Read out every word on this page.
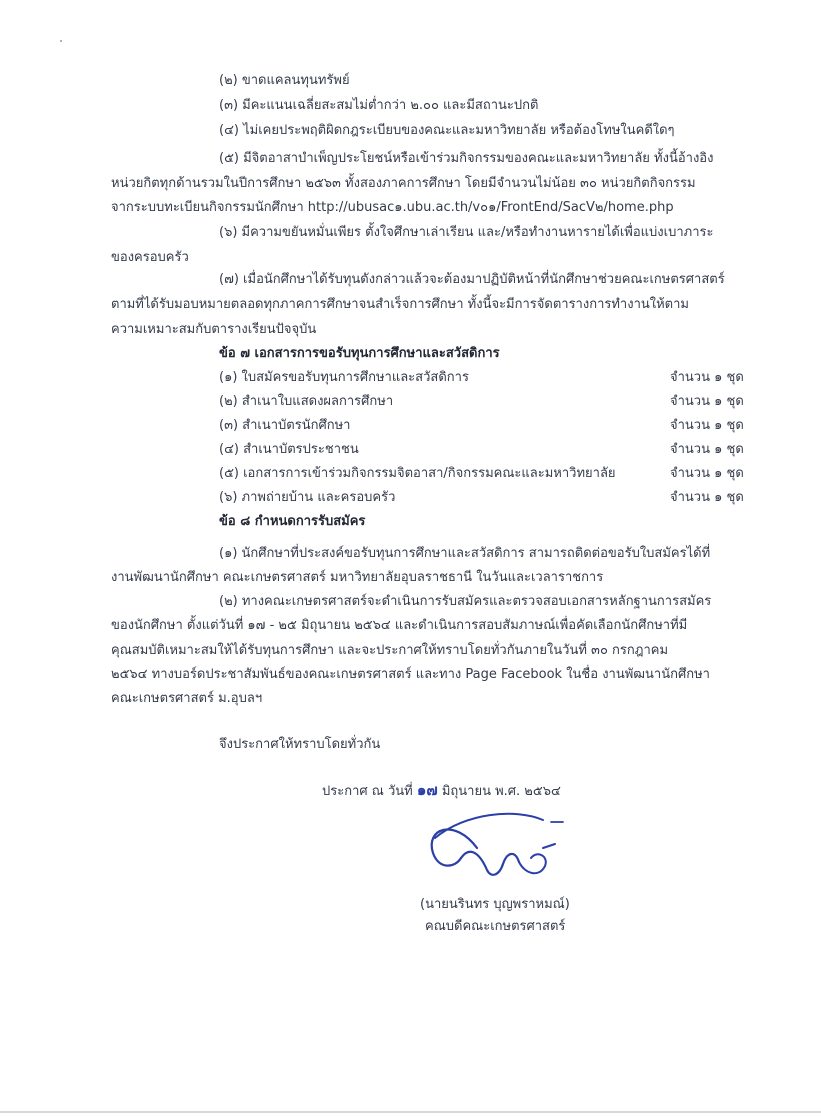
(๒) ขาดแคลนทุนทรัพย์
(๓) มีคะแนนเฉลี่ยสะสมไม่ต่ำกว่า ๒.๐๐ และมีสถานะปกติ
(๔) ไม่เคยประพฤติผิดกฎระเบียบของคณะและมหาวิทยาลัย หรือต้องโทษในคดีใดๆ
(๕) มีจิตอาสาบำเพ็ญประโยชน์หรือเข้าร่วมกิจกรรมของคณะและมหาวิทยาลัย ทั้งนี้อ้างอิง
หน่วยกิตทุกด้านรวมในปีการศึกษา ๒๕๖๓ ทั้งสองภาคการศึกษา โดยมีจำนวนไม่น้อย ๓๐ หน่วยกิตกิจกรรม
จากระบบทะเบียนกิจกรรมนักศึกษา http://ubusac๑.ubu.ac.th/v๐๑/FrontEnd/SacV๒/home.php
(๖) มีความขยันหมั่นเพียร ตั้งใจศึกษาเล่าเรียน และ/หรือทำงานหารายได้เพื่อแบ่งเบาภาระ
ของครอบครัว
(๗) เมื่อนักศึกษาได้รับทุนดังกล่าวแล้วจะต้องมาปฏิบัติหน้าที่นักศึกษาช่วยคณะเกษตรศาสตร์
ตามที่ได้รับมอบหมายตลอดทุกภาคการศึกษาจนสำเร็จการศึกษา ทั้งนี้จะมีการจัดตารางการทำงานให้ตาม
ความเหมาะสมกับตารางเรียนปัจจุบัน
ข้อ ๗ เอกสารการขอรับทุนการศึกษาและสวัสดิการ
(๑) ใบสมัครขอรับทุนการศึกษาและสวัสดิการ	จำนวน ๑ ชุด
(๒) สำเนาใบแสดงผลการศึกษา	จำนวน ๑ ชุด
(๓) สำเนาบัตรนักศึกษา	จำนวน ๑ ชุด
(๔) สำเนาบัตรประชาชน	จำนวน ๑ ชุด
(๕) เอกสารการเข้าร่วมกิจกรรมจิตอาสา/กิจกรรมคณะและมหาวิทยาลัย	จำนวน ๑ ชุด
(๖) ภาพถ่ายบ้าน และครอบครัว	จำนวน ๑ ชุด
ข้อ ๘ กำหนดการรับสมัคร
(๑) นักศึกษาที่ประสงค์ขอรับทุนการศึกษาและสวัสดิการ สามารถติดต่อขอรับใบสมัครได้ที่
งานพัฒนานักศึกษา คณะเกษตรศาสตร์ มหาวิทยาลัยอุบลราชธานี ในวันและเวลาราชการ
(๒) ทางคณะเกษตรศาสตร์จะดำเนินการรับสมัครและตรวจสอบเอกสารหลักฐานการสมัคร
ของนักศึกษา ตั้งแต่วันที่ ๑๗ - ๒๕ มิถุนายน ๒๕๖๔ และดำเนินการสอบสัมภาษณ์เพื่อคัดเลือกนักศึกษาที่มี
คุณสมบัติเหมาะสมให้ได้รับทุนการศึกษา และจะประกาศให้ทราบโดยทั่วกันภายในวันที่ ๓๐ กรกฎาคม
๒๕๖๔ ทางบอร์ดประชาสัมพันธ์ของคณะเกษตรศาสตร์ และทาง Page Facebook ในชื่อ งานพัฒนานักศึกษา
คณะเกษตรศาสตร์ ม.อุบลฯ
จึงประกาศให้ทราบโดยทั่วกัน
ประกาศ ณ วันที่ ๑๗ มิถุนายน พ.ศ. ๒๕๖๔
(นายนรินทร บุญพราหมณ์)
คณบดีคณะเกษตรศาสตร์
